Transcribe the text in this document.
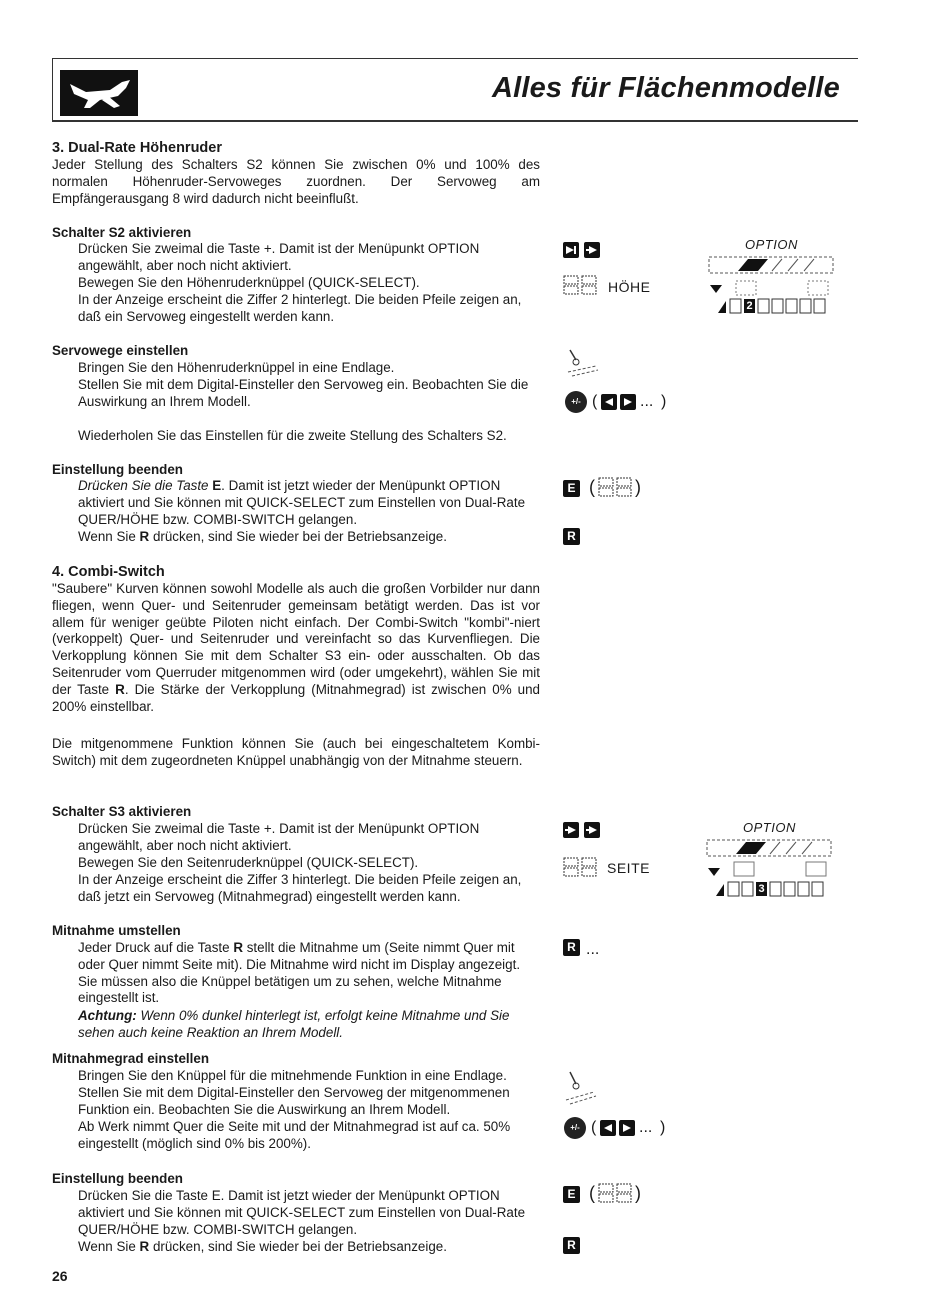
Alles für Flächenmodelle
3. Dual-Rate Höhenruder

Jeder Stellung des Schalters S2 können Sie zwischen 0% und 100% des normalen Höhenruder-Servoweges zuordnen. Der Servoweg am Empfängerausgang 8 wird dadurch nicht beeinflußt.

Schalter S2 aktivieren

Drücken Sie zweimal die Taste +. Damit ist der Menüpunkt OPTION angewählt, aber noch nicht aktiviert.

Bewegen Sie den Höhenruderknüppel (QUICK-SELECT).

In der Anzeige erscheint die Ziffer 2 hinterlegt. Die beiden Pfeile zeigen an, daß ein Servoweg eingestellt werden kann.

Servowege einstellen

Bringen Sie den Höhenruderknüppel in eine Endlage.

Stellen Sie mit dem Digital-Einsteller den Servoweg ein. Beobachten Sie die Auswirkung an Ihrem Modell.

Wiederholen Sie das Einstellen für die zweite Stellung des Schalters S2.

Einstellung beenden

Drücken Sie die Taste E. Damit ist jetzt wieder der Menüpunkt OPTION aktiviert und Sie können mit QUICK-SELECT zum Einstellen von Dual-Rate QUER/HÖHE bzw. COMBI-SWITCH gelangen.

Wenn Sie R drücken, sind Sie wieder bei der Betriebsanzeige.

4. Combi-Switch

"Saubere" Kurven können sowohl Modelle als auch die großen Vorbilder nur dann fliegen, wenn Quer- und Seitenruder gemeinsam betätigt werden. Das ist vor allem für weniger geübte Piloten nicht einfach. Der Combi-Switch "kombi"-niert (verkoppelt) Quer- und Seitenruder und vereinfacht so das Kurvenfliegen. Die Verkopplung können Sie mit dem Schalter S3 ein- oder ausschalten. Ob das Seitenruder vom Querruder mitgenommen wird (oder umgekehrt), wählen Sie mit der Taste R. Die Stärke der Verkopplung (Mitnahmegrad) ist zwischen 0% und 200% einstellbar.

Die mitgenommene Funktion können Sie (auch bei eingeschaltetem Kombi-Switch) mit dem zugeordneten Knüppel unabhängig von der Mitnahme steuern.

Schalter S3 aktivieren

Drücken Sie zweimal die Taste +. Damit ist der Menüpunkt OPTION angewählt, aber noch nicht aktiviert.

Bewegen Sie den Seitenruderknüppel (QUICK-SELECT).

In der Anzeige erscheint die Ziffer 3 hinterlegt. Die beiden Pfeile zeigen an, daß jetzt ein Servoweg (Mitnahmegrad) eingestellt werden kann.

Mitnahme umstellen

Jeder Druck auf die Taste R stellt die Mitnahme um (Seite nimmt Quer mit oder Quer nimmt Seite mit). Die Mitnahme wird nicht im Display angezeigt. Sie müssen also die Knüppel betätigen um zu sehen, welche Mitnahme eingestellt ist.

Achtung: Wenn 0% dunkel hinterlegt ist, erfolgt keine Mitnahme und Sie sehen auch keine Reaktion an Ihrem Modell.

Mitnahmegrad einstellen

Bringen Sie den Knüppel für die mitnehmende Funktion in eine Endlage.

Stellen Sie mit dem Digital-Einsteller den Servoweg der mitgenommenen Funktion ein. Beobachten Sie die Auswirkung an Ihrem Modell.

Ab Werk nimmt Quer die Seite mit und der Mitnahmegrad ist auf ca. 50% eingestellt (möglich sind 0% bis 200%).

Einstellung beenden

Drücken Sie die Taste E. Damit ist jetzt wieder der Menüpunkt OPTION aktiviert und Sie können mit QUICK-SELECT zum Einstellen von Dual-Rate QUER/HÖHE bzw. COMBI-SWITCH gelangen.

Wenn Sie R drücken, sind Sie wieder bei der Betriebsanzeige.

26
HÖHE
+/- (	... )
E ( )
R
OPTION
2
SEITE
R ...
+/- (	... )
E ( )
R
OPTION
3
